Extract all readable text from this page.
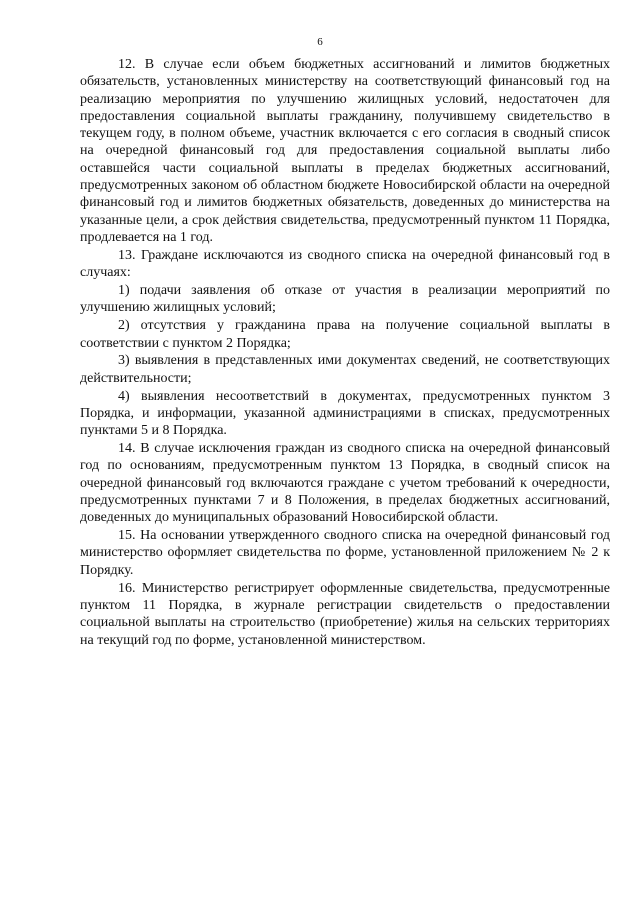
6

12. В случае если объем бюджетных ассигнований и лимитов бюджетных обязательств, установленных министерству на соответствующий финансовый год на реализацию мероприятия по улучшению жилищных условий, недостаточен для предоставления социальной выплаты гражданину, получившему свидетельство в текущем году, в полном объеме, участник включается с его согласия в сводный список на очередной финансовый год для предоставления социальной выплаты либо оставшейся части социальной выплаты в пределах бюджетных ассигнований, предусмотренных законом об областном бюджете Новосибирской области на очередной финансовый год и лимитов бюджетных обязательств, доведенных до министерства на указанные цели, а срок действия свидетельства, предусмотренный пунктом 11 Порядка, продлевается на 1 год.

13. Граждане исключаются из сводного списка на очередной финансовый год в случаях:

1) подачи заявления об отказе от участия в реализации мероприятий по улучшению жилищных условий;

2) отсутствия у гражданина права на получение социальной выплаты в соответствии с пунктом 2 Порядка;

3) выявления в представленных ими документах сведений, не соответствующих действительности;

4) выявления несоответствий в документах, предусмотренных пунктом 3 Порядка, и информации, указанной администрациями в списках, предусмотренных пунктами 5 и 8 Порядка.

14. В случае исключения граждан из сводного списка на очередной финансовый год по основаниям, предусмотренным пунктом 13 Порядка, в сводный список на очередной финансовый год включаются граждане с учетом требований к очередности, предусмотренных пунктами 7 и 8 Положения, в пределах бюджетных ассигнований, доведенных до муниципальных образований Новосибирской области.

15. На основании утвержденного сводного списка на очередной финансовый год министерство оформляет свидетельства по форме, установленной приложением № 2 к Порядку.

16. Министерство регистрирует оформленные свидетельства, предусмотренные пунктом 11 Порядка, в журнале регистрации свидетельств о предоставлении социальной выплаты на строительство (приобретение) жилья на сельских территориях на текущий год по форме, установленной министерством.
